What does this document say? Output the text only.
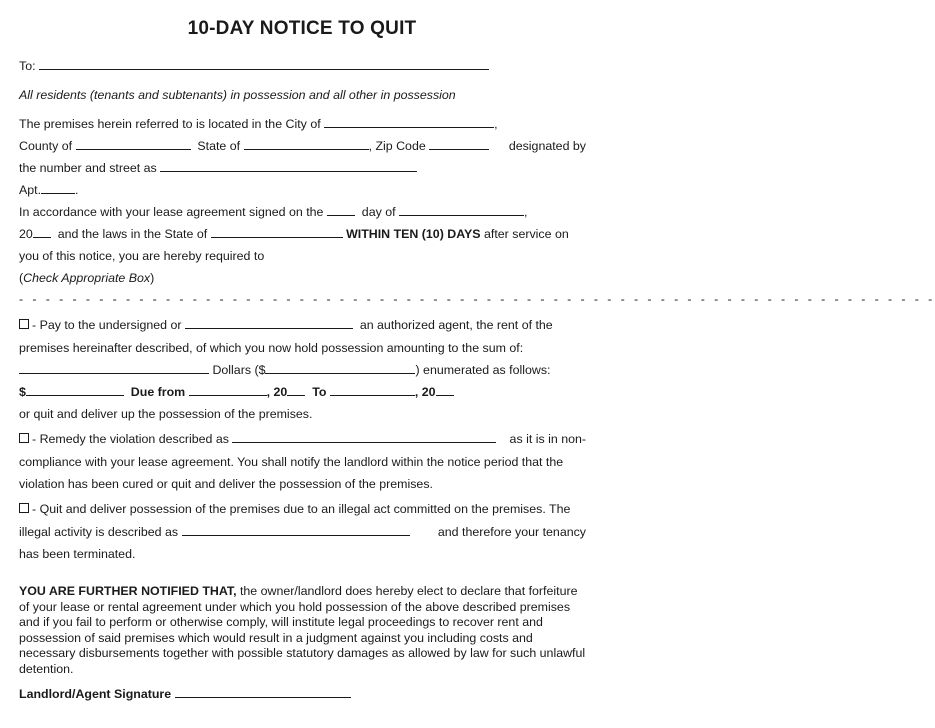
10-DAY NOTICE TO QUIT
To:
All residents (tenants and subtenants) in possession and all other in possession
The premises herein referred to is located in the City of	,
County of	State of	, Zip Code	designated by
the number and street as
Apt.	.
In accordance with your lease agreement signed on the	day of	,
20 and the laws in the State of	WITHIN TEN (10) DAYS after service on
you of this notice, you are hereby required to
(Check Appropriate Box)
- - - - - - - - - - - - - - - - - - - - - - - - - - - - - - - - - - - - - - - - - - - - - - - - - - - - - - - - - - - - - - - - - - - - -
- Pay to the undersigned or	an authorized agent, the rent of the
premises hereinafter described, of which you now hold possession amounting to the sum of:
Dollars ($	) enumerated as follows:
$	Due from	, 20 To	, 20
or quit and deliver up the possession of the premises.
- Remedy the violation described as	as it is in non-
compliance with your lease agreement. You shall notify the landlord within the notice period that the
violation has been cured or quit and deliver the possession of the premises.
- Quit and deliver possession of the premises due to an illegal act committed on the premises. The
illegal activity is described as	and therefore your tenancy
has been terminated.
YOU ARE FURTHER NOTIFIED THAT, the owner/landlord does hereby elect to declare that forfeiture of your lease or rental agreement under which you hold possession of the above described premises and if you fail to perform or otherwise comply, will institute legal proceedings to recover rent and possession of said premises which would result in a judgment against you including costs and necessary disbursements together with possible statutory damages as allowed by law for such unlawful detention.
Landlord/Agent Signature
